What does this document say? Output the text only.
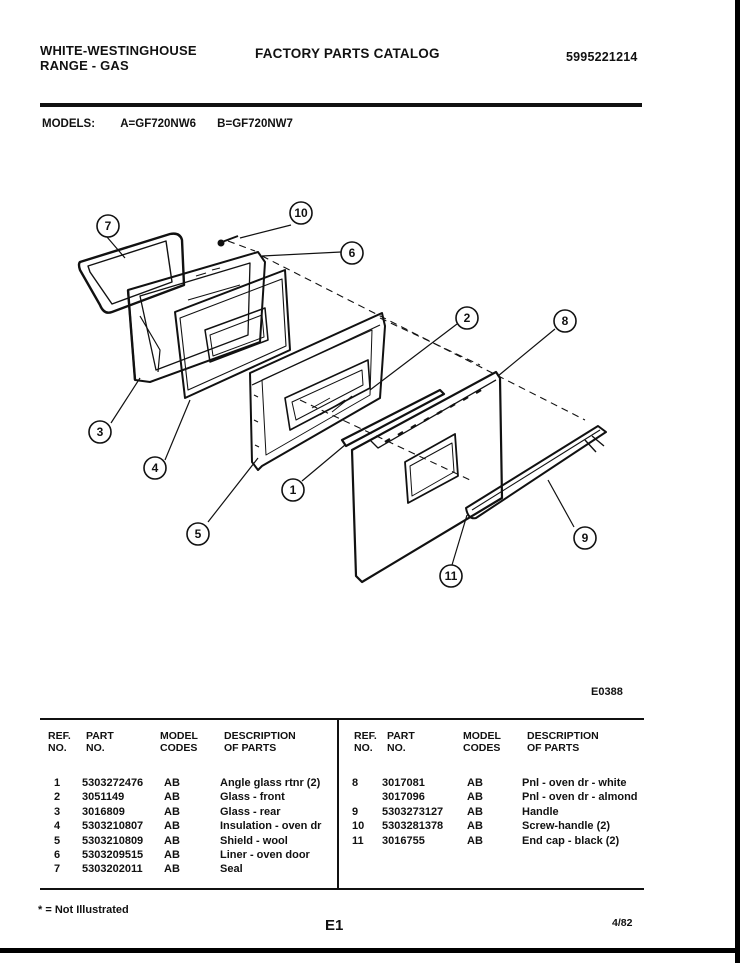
WHITE-WESTINGHOUSE
RANGE - GAS
FACTORY PARTS CATALOG	5995221214
MODELS: A=GF720NW6 B=GF720NW7
7
10
6
2	8
3
4
5
1
9
11
E0388
REF.
NO.
PART
NO.
MODEL
CODES
DESCRIPTION
OF PARTS
1 5303272476 AB	Angle glass rtnr (2)
2 3051149	AB	Glass - front
3 3016809	AB	Glass - rear
4 5303210807 AB	Insulation - oven dr
5 5303210809 AB	Shield - wool
6 5303209515 AB	Liner - oven door
7 5303202011 AB	Seal
REF.
NO.
PART
NO.
MODEL
CODES
DESCRIPTION
OF PARTS
8 3017081	AB	Pnl - oven dr - white
3017096	AB	Pnl - oven dr - almond
9 5303273127 AB	Handle
10 5303281378 AB	Screw-handle (2)
11 3016755	AB	End cap - black (2)
* = Not Illustrated
E1	4/82
